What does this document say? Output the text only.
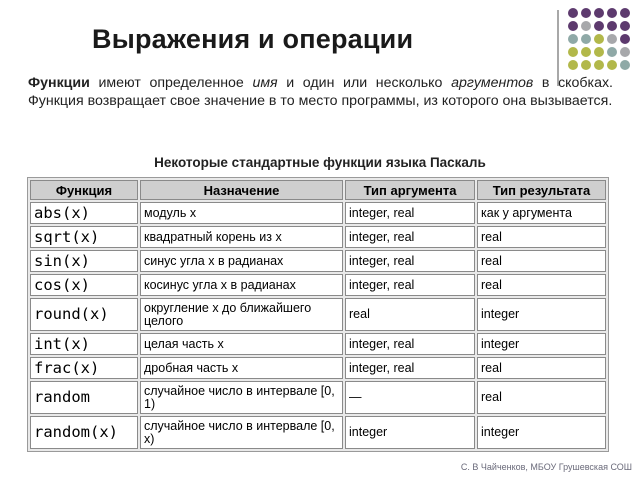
Выражения и операции
Функции имеют определенное имя и один или несколько аргументов в скобках. Функция возвращает свое значение в то место программы, из которого она вызывается.
Некоторые стандартные функции языка Паскаль
Функция	Назначение	Тип аргумента	Тип результата
abs(x)	модуль x	integer, real	как у аргумента
sqrt(x)	квадратный корень из x	integer, real	real
sin(x)	синус угла x в радианах	integer, real	real
cos(x)	косинус угла x в радианах	integer, real	real
round(x)	округление x до ближайшего целого	real	integer
int(x)	целая часть x	integer, real	integer
frac(x)	дробная часть x	integer, real	real
random	случайное число в интервале [0, 1)	—	real
random(x)	случайное число в интервале [0, x)	integer	integer
С. В Чайченков, МБОУ Грушевская СОШ
